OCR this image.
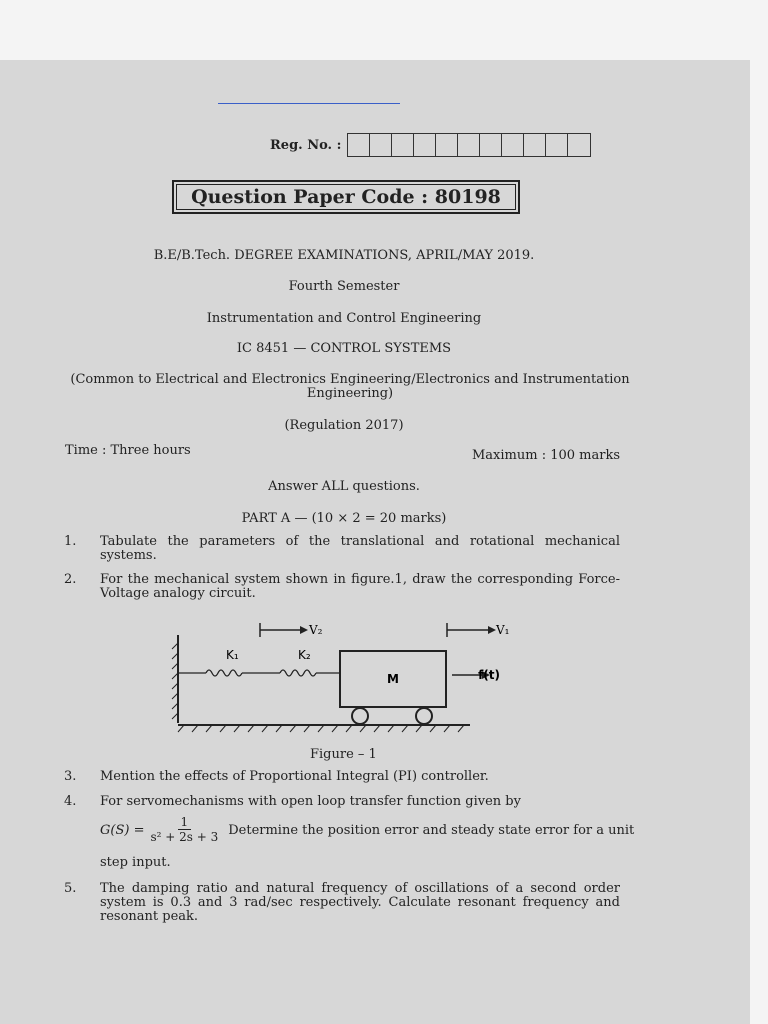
Reg. No. :
Question Paper Code : 80198
B.E/B.Tech. DEGREE EXAMINATIONS, APRIL/MAY 2019.
Fourth Semester
Instrumentation and Control Engineering
IC 8451 — CONTROL SYSTEMS
(Common to Electrical and Electronics Engineering/Electronics and Instrumentation
Engineering)
(Regulation 2017)
Time : Three hours	Maximum : 100 marks
Answer ALL questions.
PART A — (10 × 2 = 20 marks)
1.	Tabulate the parameters of the translational and rotational mechanical systems.
2.	For the mechanical system shown in figure.1, draw the corresponding Force-Voltage analogy circuit.
V₂	V₁
K₁	K₂
M	f(t)
Figure – 1
3.	Mention the effects of Proportional Integral (PI) controller.
4.	For servomechanisms with open loop transfer function given by
$G(S) = \frac{1}{\text{s² + 2s + 3}}$ Determine the position error and steady state error for a unit
step input.
5.	The damping ratio and natural frequency of oscillations of a second order system is 0.3 and 3 rad/sec respectively. Calculate resonant frequency and resonant peak.
